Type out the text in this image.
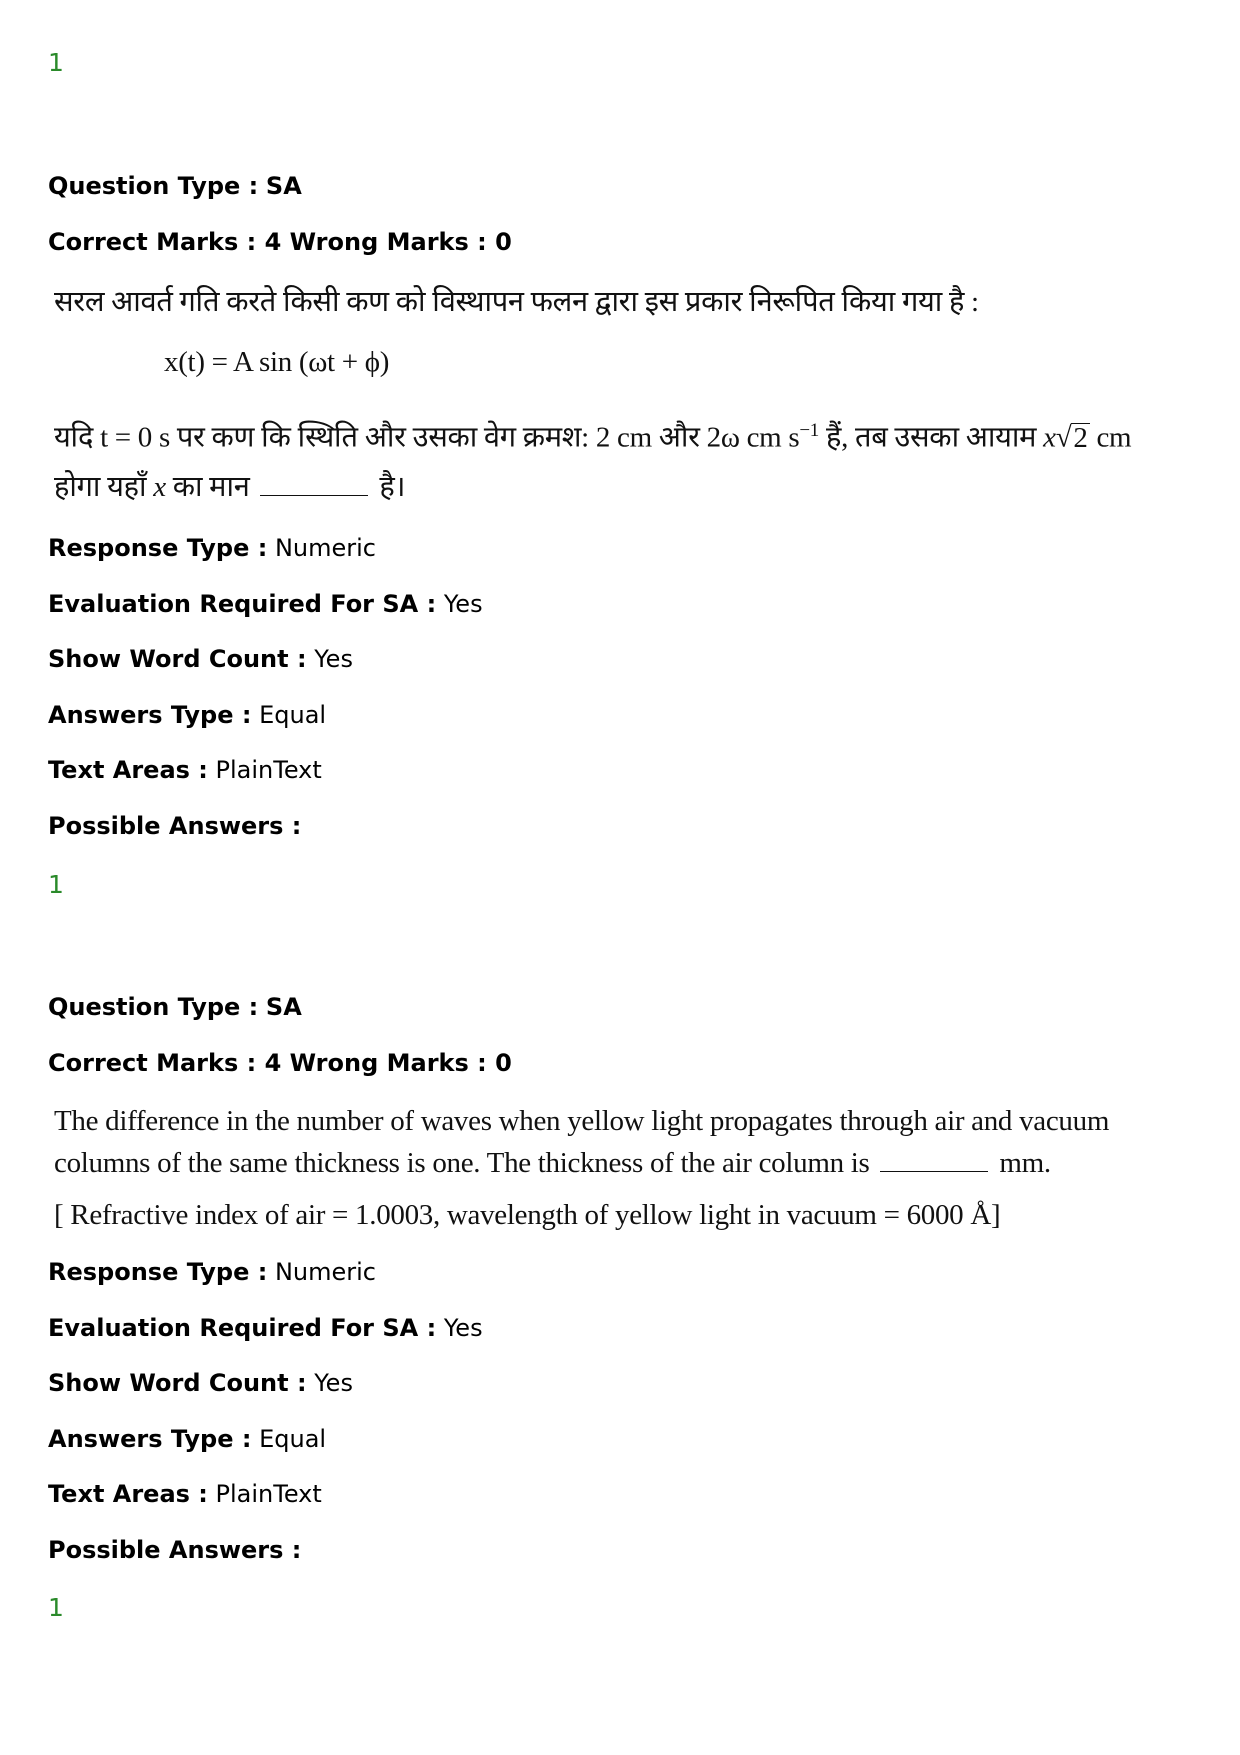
1
Question Type : SA
Correct Marks : 4 Wrong Marks : 0
सरल आवर्त गति करते किसी कण को विस्थापन फलन द्वारा इस प्रकार निरूपित किया गया है :
x(t) = A sin (ωt + ϕ)
यदि t = 0 s पर कण कि स्थिति और उसका वेग क्रमश: 2 cm और 2ω cm $s^{-1}$ हैं, तब उसका आयाम x√2 cm
होगा यहाँ x का मान	है।
Response Type : Numeric
Evaluation Required For SA : Yes
Show Word Count : Yes
Answers Type : Equal
Text Areas : PlainText
Possible Answers :
1
Question Type : SA
Correct Marks : 4 Wrong Marks : 0
The difference in the number of waves when yellow light propagates through air and vacuum
columns of the same thickness is one. The thickness of the air column is	mm.
[ Refractive index of air = 1.0003, wavelength of yellow light in vacuum = 6000 Å]
Response Type : Numeric
Evaluation Required For SA : Yes
Show Word Count : Yes
Answers Type : Equal
Text Areas : PlainText
Possible Answers :
1
